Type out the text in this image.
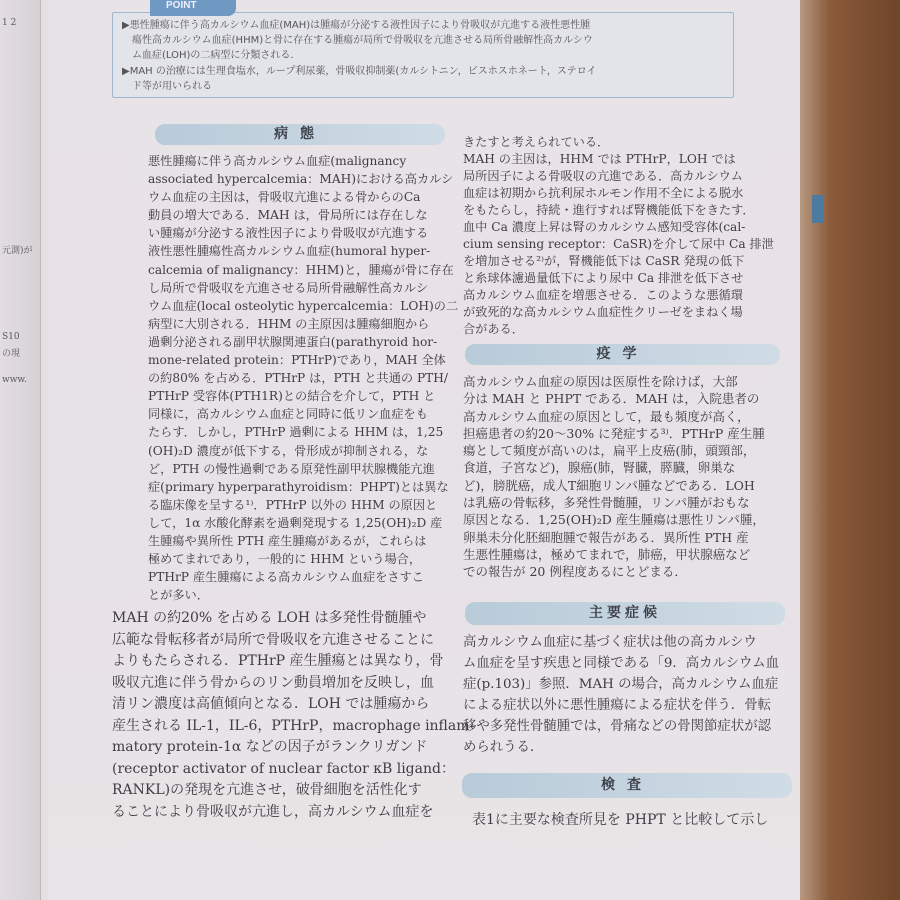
1 2
元測)が
S10
の現
www.
POINT
▶悪性腫瘍に伴う高カルシウム血症(MAH)は腫瘍が分泌する液性因子により骨吸収が亢進する液性悪性腫
瘍性高カルシウム血症(HHM)と骨に存在する腫瘍が局所で骨吸収を亢進させる局所骨融解性高カルシウ
ム血症(LOH)の二病型に分類される．
▶MAH の治療には生理食塩水，ループ利尿薬，骨吸収抑制薬(カルシトニン，ビスホスホネート，ステロイ
ド等が用いられる
病態
悪性腫瘍に伴う高カルシウム血症(malignancy
associated hypercalcemia：MAH)における高カルシ
ウム血症の主因は，骨吸収亢進による骨からのCa
動員の増大である．MAH は，骨局所には存在しな
い腫瘍が分泌する液性因子により骨吸収が亢進する
液性悪性腫瘍性高カルシウム血症(humoral hyper-
calcemia of malignancy：HHM)と，腫瘍が骨に存在
し局所で骨吸収を亢進させる局所骨融解性高カルシ
ウム血症(local osteolytic hypercalcemia：LOH)の二
病型に大別される．HHM の主原因は腫瘍細胞から
過剰分泌される副甲状腺関連蛋白(parathyroid hor-
mone-related protein：PTHrP)であり，MAH 全体
の約80% を占める．PTHrP は，PTH と共通の PTH/
PTHrP 受容体(PTH1R)との結合を介して，PTH と
同様に，高カルシウム血症と同時に低リン血症をも
たらす．しかし，PTHrP 過剰による HHM は，1,25
(OH)₂D 濃度が低下する，骨形成が抑制される，な
ど，PTH の慢性過剰である原発性副甲状腺機能亢進
症(primary hyperparathyroidism：PHPT)とは異な
る臨床像を呈する¹⁾．PTHrP 以外の HHM の原因と
して，1α 水酸化酵素を過剰発現する 1,25(OH)₂D 産
生腫瘍や異所性 PTH 産生腫瘍があるが，これらは
極めてまれであり，一般的に HHM という場合，
PTHrP 産生腫瘍による高カルシウム血症をさすこ
とが多い．
MAH の約20% を占める LOH は多発性骨髄腫や
広範な骨転移者が局所で骨吸収を亢進させることに
よりもたらされる．PTHrP 産生腫瘍とは異なり，骨
吸収亢進に伴う骨からのリン動員増加を反映し，血
清リン濃度は高値傾向となる．LOH では腫瘍から
産生される IL-1，IL-6，PTHrP，macrophage inflam-
matory protein-1α などの因子がランクリガンド
(receptor activator of nuclear factor κB ligand：
RANKL)の発現を亢進させ，破骨細胞を活性化す
ることにより骨吸収が亢進し，高カルシウム血症を
きたすと考えられている．
MAH の主因は，HHM では PTHrP，LOH では
局所因子による骨吸収の亢進である．高カルシウム
血症は初期から抗利尿ホルモン作用不全による脱水
をもたらし，持続・進行すれば腎機能低下をきたす．
血中 Ca 濃度上昇は腎のカルシウム感知受容体(cal-
cium sensing receptor：CaSR)を介して尿中 Ca 排泄
を増加させる²⁾が，腎機能低下は CaSR 発現の低下
と糸球体濾過量低下により尿中 Ca 排泄を低下させ
高カルシウム血症を増悪させる．このような悪循環
が致死的な高カルシウム血症性クリーゼをまねく場
合がある．
疫学
高カルシウム血症の原因は医原性を除けば，大部
分は MAH と PHPT である．MAH は，入院患者の
高カルシウム血症の原因として，最も頻度が高く，
担癌患者の約20～30% に発症する³⁾．PTHrP 産生腫
瘍として頻度が高いのは，扁平上皮癌(肺，頭頸部，
食道，子宮など)，腺癌(肺，腎臓，膵臓，卵巣な
ど)，膀胱癌，成人T細胞リンパ腫などである．LOH
は乳癌の骨転移，多発性骨髄腫，リンパ腫がおもな
原因となる．1,25(OH)₂D 産生腫瘍は悪性リンパ腫，
卵巣未分化胚細胞腫で報告がある．異所性 PTH 産
生悪性腫瘍は，極めてまれで，肺癌，甲状腺癌など
での報告が 20 例程度あるにとどまる．
主要症候
高カルシウム血症に基づく症状は他の高カルシウ
ム血症を呈す疾患と同様である「9．高カルシウム血
症(p.103)」参照．MAH の場合，高カルシウム血症
による症状以外に悪性腫瘍による症状を伴う．骨転
移や多発性骨髄腫では，骨痛などの骨関節症状が認
められうる．
検査
表1に主要な検査所見を PHPT と比較して示し
